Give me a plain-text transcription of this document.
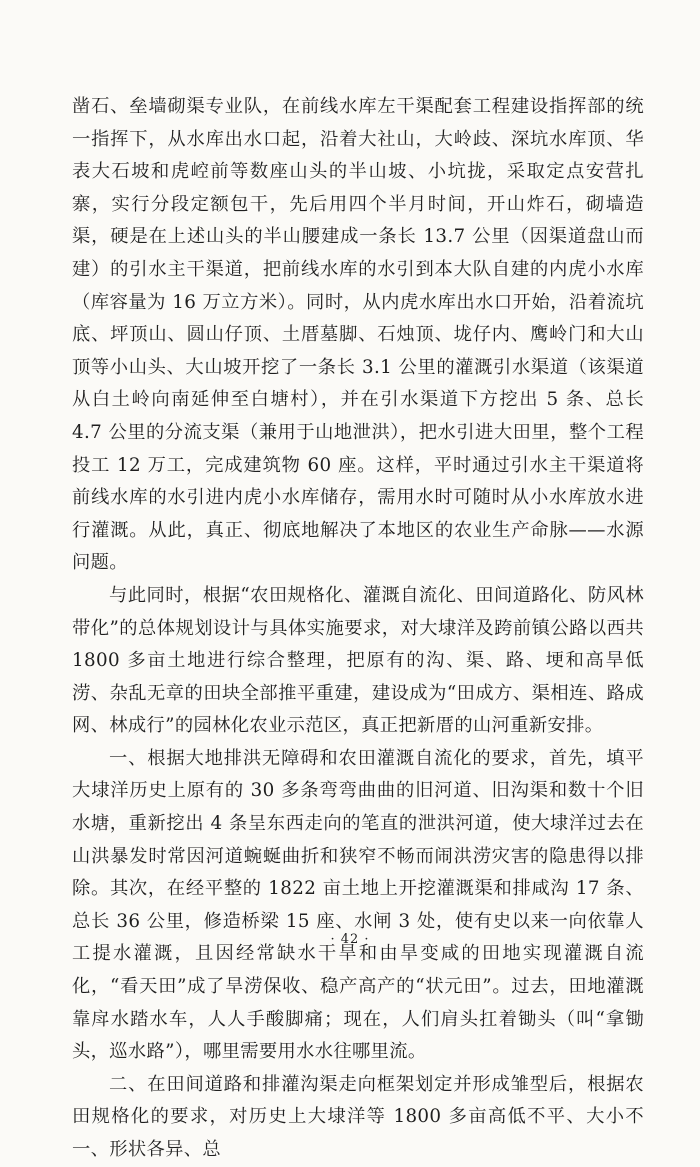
凿石、垒墙砌渠专业队，在前线水库左干渠配套工程建设指挥部的统一指挥下，从水库出水口起，沿着大社山，大岭歧、深坑水库顶、华表大石坡和虎崆前等数座山头的半山坡、小坑拢，采取定点安营扎寨，实行分段定额包干，先后用四个半月时间，开山炸石，砌墙造渠，硬是在上述山头的半山腰建成一条长 13.7 公里（因渠道盘山而建）的引水主干渠道，把前线水库的水引到本大队自建的内虎小水库（库容量为 16 万立方米）。同时，从内虎水库出水口开始，沿着流坑底、坪顶山、圆山仔顶、土厝墓脚、石烛顶、垅仔内、鹰岭门和大山顶等小山头、大山坡开挖了一条长 3.1 公里的灌溉引水渠道（该渠道从白土岭向南延伸至白塘村），并在引水渠道下方挖出 5 条、总长 4.7 公里的分流支渠（兼用于山地泄洪），把水引进大田里，整个工程投工 12 万工，完成建筑物 60 座。这样，平时通过引水主干渠道将前线水库的水引进内虎小水库储存，需用水时可随时从小水库放水进行灌溉。从此，真正、彻底地解决了本地区的农业生产命脉——水源问题。

与此同时，根据“农田规格化、灌溉自流化、田间道路化、防风林带化”的总体规划设计与具体实施要求，对大埭洋及跨前镇公路以西共 1800 多亩土地进行综合整理，把原有的沟、渠、路、埂和高旱低涝、杂乱无章的田块全部推平重建，建设成为“田成方、渠相连、路成网、林成行”的园林化农业示范区，真正把新厝的山河重新安排。

一、根据大地排洪无障碍和农田灌溉自流化的要求，首先，填平大埭洋历史上原有的 30 多条弯弯曲曲的旧河道、旧沟渠和数十个旧水塘，重新挖出 4 条呈东西走向的笔直的泄洪河道，使大埭洋过去在山洪暴发时常因河道蜿蜒曲折和狭窄不畅而闹洪涝灾害的隐患得以排除。其次，在经平整的 1822 亩土地上开挖灌溉渠和排咸沟 17 条、总长 36 公里，修造桥梁 15 座、水闸 3 处，使有史以来一向依靠人工提水灌溉，且因经常缺水干旱和由旱变咸的田地实现灌溉自流化，“看天田”成了旱涝保收、稳产高产的“状元田”。过去，田地灌溉靠戽水踏水车，人人手酸脚痛；现在，人们肩头扛着锄头（叫“拿锄头，巡水路”），哪里需要用水水往哪里流。

二、在田间道路和排灌沟渠走向框架划定并形成雏型后，根据农田规格化的要求，对历史上大埭洋等 1800 多亩高低不平、大小不一、形状各异、总

· 42 ·
